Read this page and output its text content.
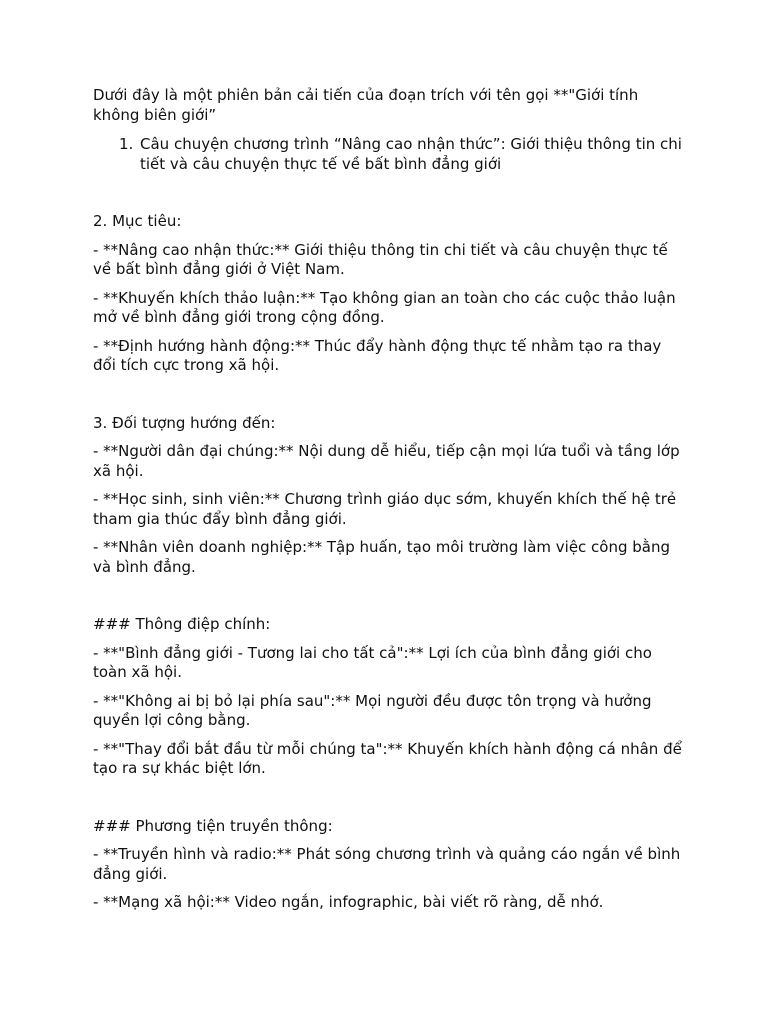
Dưới đây là một phiên bản cải tiến của đoạn trích với tên gọi **"Giới tính không biên giới”

1. Câu chuyện chương trình “Nâng cao nhận thức”: Giới thiệu thông tin chi tiết và câu chuyện thực tế về bất bình đẳng giới

2. Mục tiêu:

- **Nâng cao nhận thức:** Giới thiệu thông tin chi tiết và câu chuyện thực tế về bất bình đẳng giới ở Việt Nam.

- **Khuyến khích thảo luận:** Tạo không gian an toàn cho các cuộc thảo luận mở về bình đẳng giới trong cộng đồng.

- **Định hướng hành động:** Thúc đẩy hành động thực tế nhằm tạo ra thay đổi tích cực trong xã hội.

3. Đối tượng hướng đến:

- **Người dân đại chúng:** Nội dung dễ hiểu, tiếp cận mọi lứa tuổi và tầng lớp xã hội.

- **Học sinh, sinh viên:** Chương trình giáo dục sớm, khuyến khích thế hệ trẻ tham gia thúc đẩy bình đẳng giới.

- **Nhân viên doanh nghiệp:** Tập huấn, tạo môi trường làm việc công bằng và bình đẳng.

### Thông điệp chính:

- **"Bình đẳng giới - Tương lai cho tất cả":** Lợi ích của bình đẳng giới cho toàn xã hội.

- **"Không ai bị bỏ lại phía sau":** Mọi người đều được tôn trọng và hưởng quyền lợi công bằng.

- **"Thay đổi bắt đầu từ mỗi chúng ta":** Khuyến khích hành động cá nhân để tạo ra sự khác biệt lớn.

### Phương tiện truyền thông:

- **Truyền hình và radio:** Phát sóng chương trình và quảng cáo ngắn về bình đẳng giới.

- **Mạng xã hội:** Video ngắn, infographic, bài viết rõ ràng, dễ nhớ.
